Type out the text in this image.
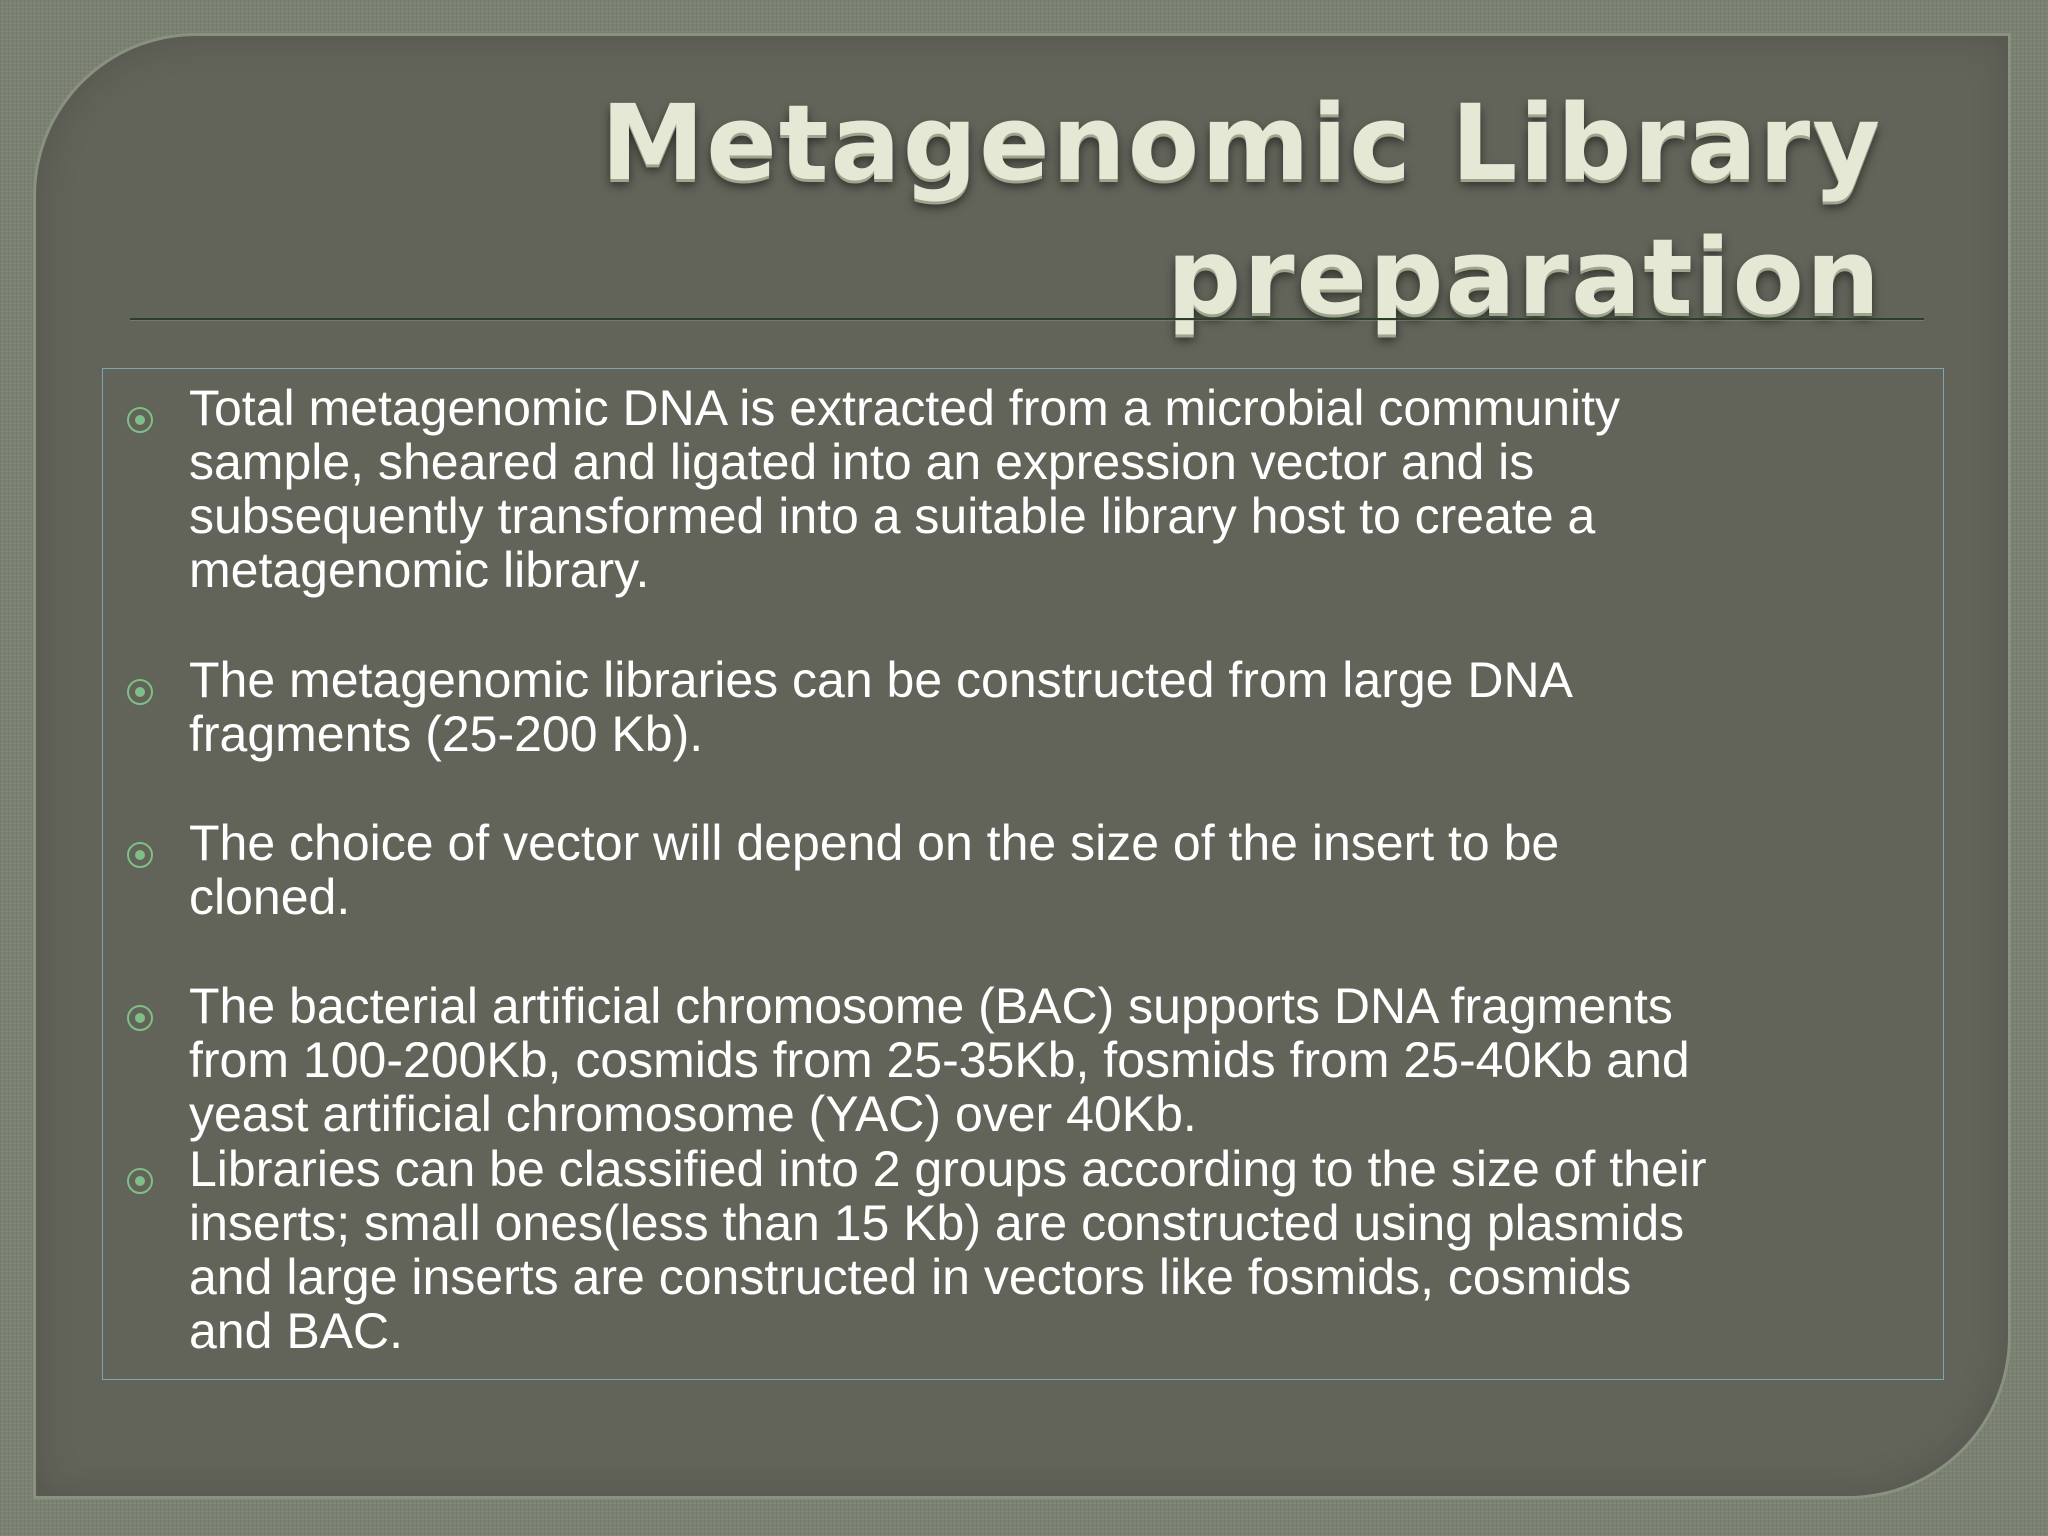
Metagenomic Library
preparation
Total metagenomic DNA is extracted from a microbial community
sample, sheared and ligated into an expression vector and is
subsequently transformed into a suitable library host to create a
metagenomic library.
The metagenomic libraries can be constructed from large DNA
fragments (25-200 Kb).
The choice of vector will depend on the size of the insert to be
cloned.
The bacterial artificial chromosome (BAC) supports DNA fragments
from 100-200Kb, cosmids from 25-35Kb, fosmids from 25-40Kb and
yeast artificial chromosome (YAC) over 40Kb.
Libraries can be classified into 2 groups according to the size of their
inserts; small ones(less than 15 Kb) are constructed using plasmids
and large inserts are constructed in vectors like fosmids, cosmids
and BAC.
